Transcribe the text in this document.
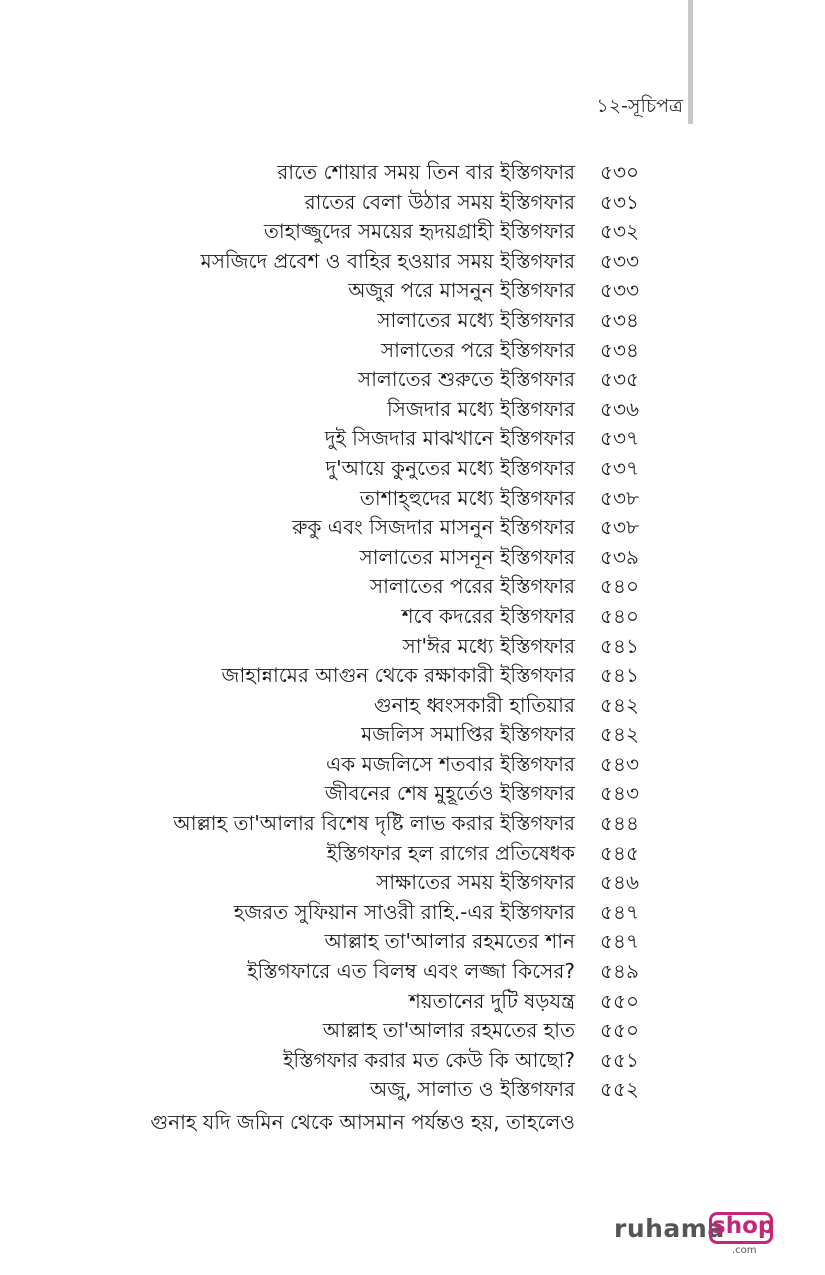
১২-সূচিপত্র
রাতে শোয়ার সময় তিন বার ইস্তিগফার ৫৩০
রাতের বেলা উঠার সময় ইস্তিগফার ৫৩১
তাহাজ্জুদের সময়ের হৃদয়গ্রাহী ইস্তিগফার ৫৩২
মসজিদে প্রবেশ ও বাহির হওয়ার সময় ইস্তিগফার ৫৩৩
অজুর পরে মাসনুন ইস্তিগফার ৫৩৩
সালাতের মধ্যে ইস্তিগফার ৫৩৪
সালাতের পরে ইস্তিগফার ৫৩৪
সালাতের শুরুতে ইস্তিগফার ৫৩৫
সিজদার মধ্যে ইস্তিগফার ৫৩৬
দুই সিজদার মাঝখানে ইস্তিগফার ৫৩৭
দু'আয়ে কুনুতের মধ্যে ইস্তিগফার ৫৩৭
তাশাহ্হুদের মধ্যে ইস্তিগফার ৫৩৮
রুকু এবং সিজদার মাসনুন ইস্তিগফার ৫৩৮
সালাতের মাসনূন ইস্তিগফার ৫৩৯
সালাতের পরের ইস্তিগফার ৫৪০
শবে কদরের ইস্তিগফার ৫৪০
সা'ঈর মধ্যে ইস্তিগফার ৫৪১
জাহান্নামের আগুন থেকে রক্ষাকারী ইস্তিগফার ৫৪১
গুনাহ ধ্বংসকারী হাতিয়ার ৫৪২
মজলিস সমাপ্তির ইস্তিগফার ৫৪২
এক মজলিসে শতবার ইস্তিগফার ৫৪৩
জীবনের শেষ মুহূর্তেও ইস্তিগফার ৫৪৩
আল্লাহ তা'আলার বিশেষ দৃষ্টি লাভ করার ইস্তিগফার ৫৪৪
ইস্তিগফার হল রাগের প্রতিষেধক ৫৪৫
সাক্ষাতের সময় ইস্তিগফার ৫৪৬
হজরত সুফিয়ান সাওরী রাহি.-এর ইস্তিগফার ৫৪৭
আল্লাহ তা'আলার রহমতের শান ৫৪৭
ইস্তিগফারে এত বিলম্ব এবং লজ্জা কিসের? ৫৪৯
শয়তানের দুটি ষড়যন্ত্র ৫৫০
আল্লাহ তা'আলার রহমতের হাত ৫৫০
ইস্তিগফার করার মত কেউ কি আছো? ৫৫১
অজু, সালাত ও ইস্তিগফার ৫৫২
গুনাহ যদি জমিন থেকে আসমান পর্যন্তও হয়, তাহলেও
ruhama
shop
.com
